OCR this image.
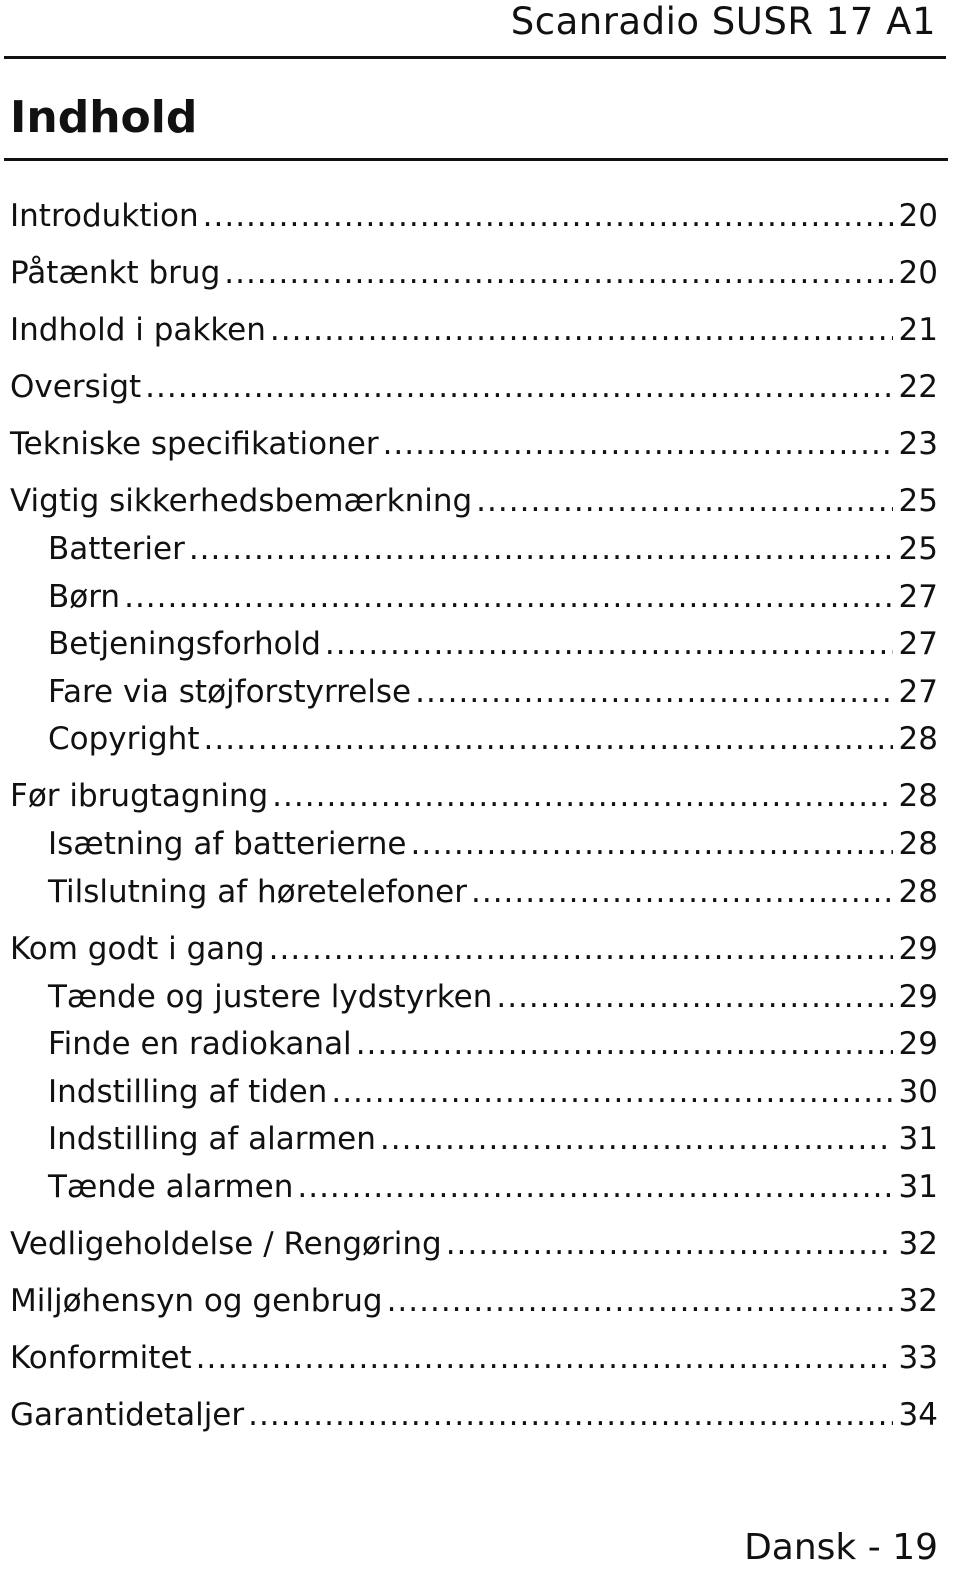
Scanradio SUSR 17 A1
Indhold
Introduktion .....	20
Påtænkt brug .....	20
Indhold i pakken .....	21
Oversigt .....	22
Tekniske specifikationer .....	23
Vigtig sikkerhedsbemærkning .....	25
Batterier .....	25
Børn .....	27
Betjeningsforhold .....	27
Fare via støjforstyrrelse .....	27
Copyright .....	28
Før ibrugtagning .....	28
Isætning af batterierne .....	28
Tilslutning af høretelefoner .....	28
Kom godt i gang .....	29
Tænde og justere lydstyrken .....	29
Finde en radiokanal .....	29
Indstilling af tiden .....	30
Indstilling af alarmen .....	31
Tænde alarmen .....	31
Vedligeholdelse / Rengøring .....	32
Miljøhensyn og genbrug .....	32
Konformitet .....	33
Garantidetaljer .....	34
Dansk - 19
